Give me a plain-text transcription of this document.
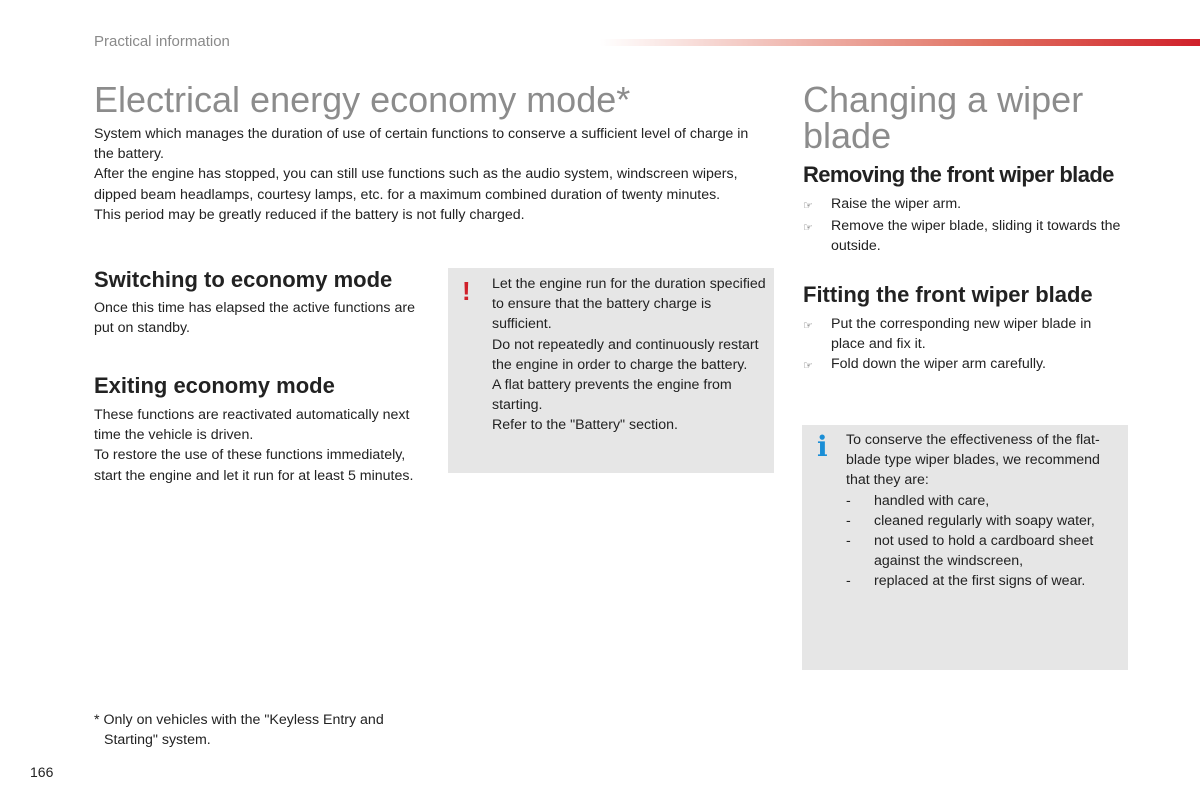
Practical information
Electrical energy economy mode*

System which manages the duration of use of certain functions to conserve a sufficient level of charge in the battery.

After the engine has stopped, you can still use functions such as the audio system, windscreen wipers, dipped beam headlamps, courtesy lamps, etc. for a maximum combined duration of twenty minutes.

This period may be greatly reduced if the battery is not fully charged.

Switching to economy mode

Once this time has elapsed the active functions are put on standby.

Exiting economy mode

These functions are reactivated automatically next time the vehicle is driven.

To restore the use of these functions immediately, start the engine and let it run for at least 5 minutes.

* Only on vehicles with the "Keyless Entry and Starting" system.
! Let the engine run for the duration specified to ensure that the battery charge is sufficient.

Do not repeatedly and continuously restart the engine in order to charge the battery.

A flat battery prevents the engine from starting.

Refer to the "Battery" section.

Changing a wiper blade
Removing the front wiper blade
☞	Raise the wiper arm.
☞	Remove the wiper blade, sliding it towards the outside.
Fitting the front wiper blade
☞	Put the corresponding new wiper blade in place and fix it.
☞	Fold down the wiper arm carefully.
i To conserve the effectiveness of the flat-blade type wiper blades, we recommend that they are:

-	handled with care,
-	cleaned regularly with soapy water,
-	not used to hold a cardboard sheet against the windscreen,
-	replaced at the first signs of wear.
166
